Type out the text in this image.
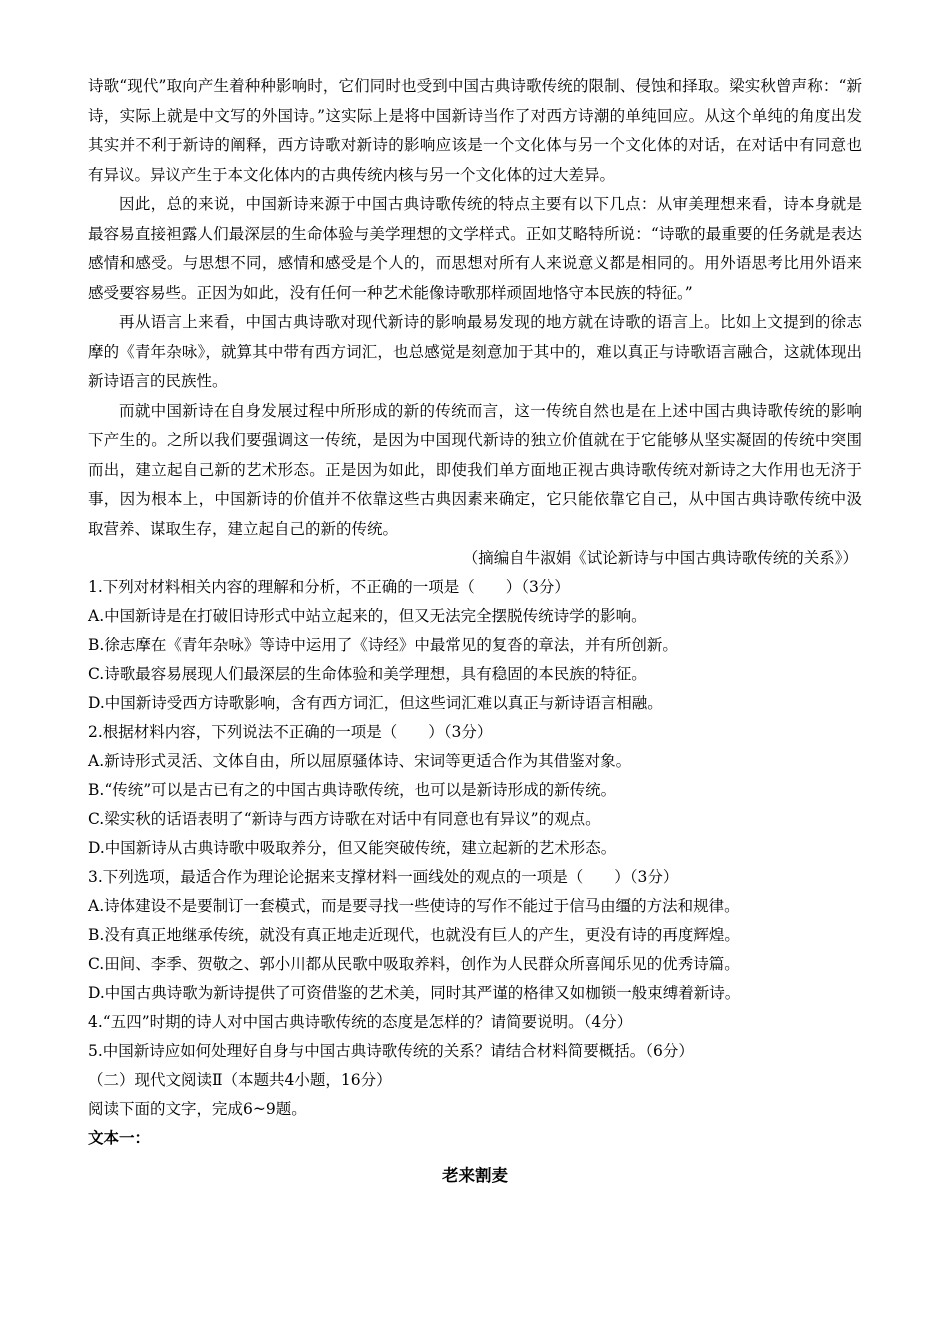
诗歌“现代”取向产生着种种影响时，它们同时也受到中国古典诗歌传统的限制、侵蚀和择取。梁实秋曾声称：“新诗，实际上就是中文写的外国诗。”这实际上是将中国新诗当作了对西方诗潮的单纯回应。从这个单纯的角度出发其实并不利于新诗的阐释，西方诗歌对新诗的影响应该是一个文化体与另一个文化体的对话，在对话中有同意也有异议。异议产生于本文化体内的古典传统内核与另一个文化体的过大差异。

因此，总的来说，中国新诗来源于中国古典诗歌传统的特点主要有以下几点：从审美理想来看，诗本身就是最容易直接袒露人们最深层的生命体验与美学理想的文学样式。正如艾略特所说：“诗歌的最重要的任务就是表达感情和感受。与思想不同，感情和感受是个人的，而思想对所有人来说意义都是相同的。用外语思考比用外语来感受要容易些。正因为如此，没有任何一种艺术能像诗歌那样顽固地恪守本民族的特征。”

再从语言上来看，中国古典诗歌对现代新诗的影响最易发现的地方就在诗歌的语言上。比如上文提到的徐志摩的《青年杂咏》，就算其中带有西方词汇，也总感觉是刻意加于其中的，难以真正与诗歌语言融合，这就体现出新诗语言的民族性。

而就中国新诗在自身发展过程中所形成的新的传统而言，这一传统自然也是在上述中国古典诗歌传统的影响下产生的。之所以我们要强调这一传统，是因为中国现代新诗的独立价值就在于它能够从坚实凝固的传统中突围而出，建立起自己新的艺术形态。正是因为如此，即使我们单方面地正视古典诗歌传统对新诗之大作用也无济于事，因为根本上，中国新诗的价值并不依靠这些古典因素来确定，它只能依靠它自己，从中国古典诗歌传统中汲取营养、谋取生存，建立起自己的新的传统。

（摘编自牛淑娟《试论新诗与中国古典诗歌传统的关系》）

1.下列对材料相关内容的理解和分析，不正确的一项是（　　）（3分）

A.中国新诗是在打破旧诗形式中站立起来的，但又无法完全摆脱传统诗学的影响。

B.徐志摩在《青年杂咏》等诗中运用了《诗经》中最常见的复沓的章法，并有所创新。

C.诗歌最容易展现人们最深层的生命体验和美学理想，具有稳固的本民族的特征。

D.中国新诗受西方诗歌影响，含有西方词汇，但这些词汇难以真正与新诗语言相融。

2.根据材料内容，下列说法不正确的一项是（　　）（3分）

A.新诗形式灵活、文体自由，所以屈原骚体诗、宋词等更适合作为其借鉴对象。

B.“传统”可以是古已有之的中国古典诗歌传统，也可以是新诗形成的新传统。

C.梁实秋的话语表明了“新诗与西方诗歌在对话中有同意也有异议”的观点。

D.中国新诗从古典诗歌中吸取养分，但又能突破传统，建立起新的艺术形态。

3.下列选项，最适合作为理论论据来支撑材料一画线处的观点的一项是（　　）（3分）

A.诗体建设不是要制订一套模式，而是要寻找一些使诗的写作不能过于信马由缰的方法和规律。

B.没有真正地继承传统，就没有真正地走近现代，也就没有巨人的产生，更没有诗的再度辉煌。

C.田间、李季、贺敬之、郭小川都从民歌中吸取养料，创作为人民群众所喜闻乐见的优秀诗篇。

D.中国古典诗歌为新诗提供了可资借鉴的艺术美，同时其严谨的格律又如枷锁一般束缚着新诗。

4.“五四”时期的诗人对中国古典诗歌传统的态度是怎样的？请简要说明。（4分）

5.中国新诗应如何处理好自身与中国古典诗歌传统的关系？请结合材料简要概括。（6分）

（二）现代文阅读Ⅱ（本题共4小题，16分）

阅读下面的文字，完成6~9题。

文本一：

老来割麦
